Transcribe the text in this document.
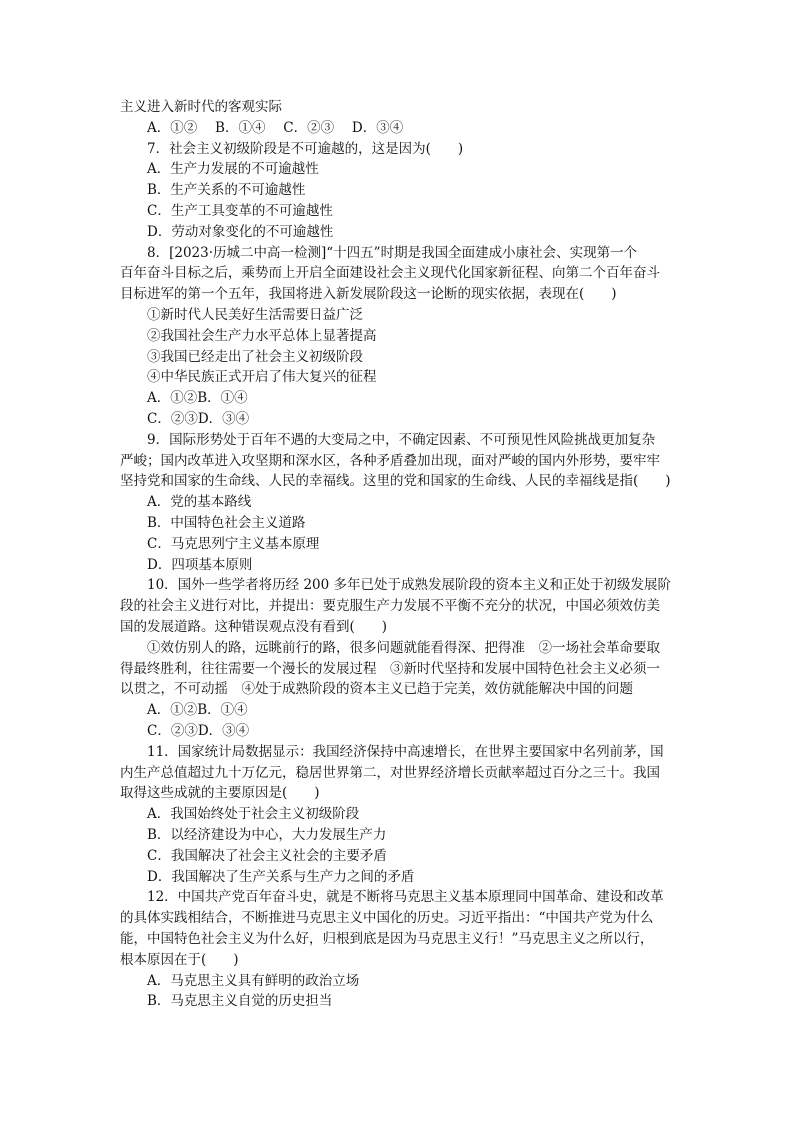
主义进入新时代的客观实际
A．①②　 B．①④　 C．②③　 D．③④
7．社会主义初级阶段是不可逾越的，这是因为(　　)
A．生产力发展的不可逾越性
B．生产关系的不可逾越性
C．生产工具变革的不可逾越性
D．劳动对象变化的不可逾越性
8．[2023·历城二中高一检测]“十四五”时期是我国全面建成小康社会、实现第一个
百年奋斗目标之后，乘势而上开启全面建设社会主义现代化国家新征程、向第二个百年奋斗
目标进军的第一个五年，我国将进入新发展阶段这一论断的现实依据，表现在(　　)
①新时代人民美好生活需要日益广泛
②我国社会生产力水平总体上显著提高
③我国已经走出了社会主义初级阶段
④中华民族正式开启了伟大复兴的征程
A．①②B．①④
C．②③D．③④
9．国际形势处于百年不遇的大变局之中，不确定因素、不可预见性风险挑战更加复杂
严峻；国内改革进入攻坚期和深水区，各种矛盾叠加出现，面对严峻的国内外形势，要牢牢
坚持党和国家的生命线、人民的幸福线。这里的党和国家的生命线、人民的幸福线是指(　　)
A．党的基本路线
B．中国特色社会主义道路
C．马克思列宁主义基本原理
D．四项基本原则
10．国外一些学者将历经 200 多年已处于成熟发展阶段的资本主义和正处于初级发展阶
段的社会主义进行对比，并提出：要克服生产力发展不平衡不充分的状况，中国必须效仿美
国的发展道路。这种错误观点没有看到(　　)
①效仿别人的路，远眺前行的路，很多问题就能看得深、把得准　②一场社会革命要取
得最终胜利，往往需要一个漫长的发展过程　③新时代坚持和发展中国特色社会主义必须一
以贯之，不可动摇　④处于成熟阶段的资本主义已趋于完美，效仿就能解决中国的问题
A．①②B．①④
C．②③D．③④
11．国家统计局数据显示：我国经济保持中高速增长，在世界主要国家中名列前茅，国
内生产总值超过九十万亿元，稳居世界第二，对世界经济增长贡献率超过百分之三十。我国
取得这些成就的主要原因是(　　)
A．我国始终处于社会主义初级阶段
B．以经济建设为中心，大力发展生产力
C．我国解决了社会主义社会的主要矛盾
D．我国解决了生产关系与生产力之间的矛盾
12．中国共产党百年奋斗史，就是不断将马克思主义基本原理同中国革命、建设和改革
的具体实践相结合，不断推进马克思主义中国化的历史。习近平指出：“中国共产党为什么
能，中国特色社会主义为什么好，归根到底是因为马克思主义行！”马克思主义之所以行，
根本原因在于(　　)
A．马克思主义具有鲜明的政治立场
B．马克思主义自觉的历史担当
